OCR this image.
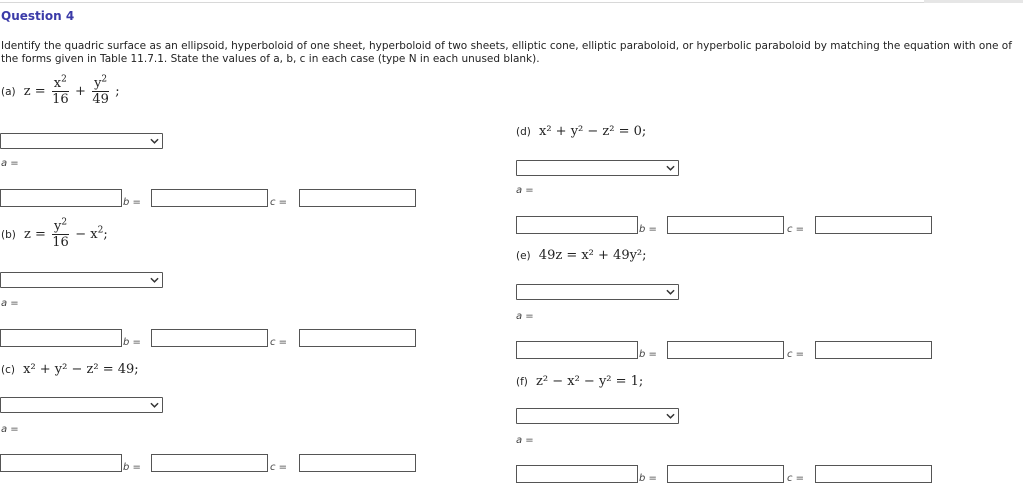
Question 4
Identify the quadric surface as an ellipsoid, hyperboloid of one sheet, hyperboloid of two sheets, elliptic cone, elliptic paraboloid, or hyperbolic paraboloid by matching the equation with one of the forms given in Table 11.7.1. State the values of a, b, c in each case (type N in each unused blank).
(a) $z = \frac{x^2}{16} + \frac{y^2}{49}$ ;
a =
b =	c =
(b) $z = \frac{y^2}{16} - x^2$;
a =
b =	c =
(c) x² + y² − z² = 49;
a =
b =	c =
(d) x² + y² − z² = 0;
a =
b =	c =
(e) 49z = x² + 49y²;
a =
b =	c =
(f) z² − x² − y² = 1;
a =
b =	c =
